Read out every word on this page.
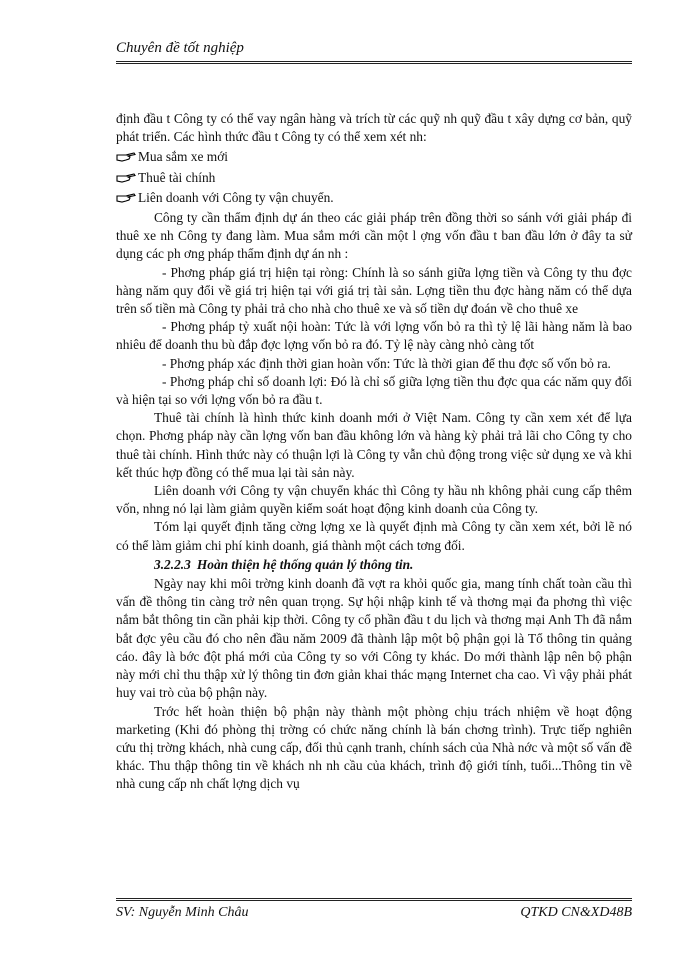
Chuyên đề tốt nghiệp

định đầu t Công ty có thể vay ngân hàng và trích từ các quỹ nh quỹ đầu t xây dựng cơ bản, quỹ phát triển. Các hình thức đầu t Công ty có thể xem xét nh:

Mua sắm xe mới
Thuê tài chính
Liên doanh với Công ty vận chuyển.

Công ty cần thẩm định dự án theo các giải pháp trên đồng thời so sánh với giải pháp đi thuê xe nh Công ty đang làm. Mua sắm mới cần một l ợng vốn đầu t ban đầu lớn ở đây ta sử dụng các ph ơng pháp thẩm định dự án nh :

- Phơng pháp giá trị hiện tại ròng: Chính là so sánh giữa lợng tiền và Công ty thu đợc hàng năm quy đổi về giá trị hiện tại với giá trị tài sản. Lợng tiền thu đợc hàng năm có thể dựa trên số tiền mà Công ty phải trả cho nhà cho thuê xe và số tiền dự đoán về cho thuê xe

- Phơng pháp tỷ xuất nội hoàn: Tức là với lợng vốn bỏ ra thì tỷ lệ lãi hàng năm là bao nhiêu để doanh thu bù đắp đợc lợng vốn bỏ ra đó. Tỷ lệ này càng nhỏ càng tốt

- Phơng pháp xác định thời gian hoàn vốn: Tức là thời gian để thu đợc số vốn bỏ ra.

- Phơng pháp chỉ số doanh lợi: Đó là chỉ số giữa lợng tiền thu đợc qua các năm quy đổi và hiện tại so với lợng vốn bỏ ra đầu t.

Thuê tài chính là hình thức kinh doanh mới ở Việt Nam. Công ty cần xem xét để lựa chọn. Phơng pháp này cần lợng vốn ban đầu không lớn và hàng kỳ phải trả lãi cho Công ty cho thuê tài chính. Hình thức này có thuận lợi là Công ty vẫn chủ động trong việc sử dụng xe và khi kết thúc hợp đồng có thể mua lại tài sản này.

Liên doanh với Công ty vận chuyển khác thì Công ty hầu nh không phải cung cấp thêm vốn, nhng nó lại làm giảm quyền kiểm soát hoạt động kinh doanh của Công ty.

Tóm lại quyết định tăng cờng lợng xe là quyết định mà Công ty cần xem xét, bởi lẽ nó có thể làm giảm chi phí kinh doanh, giá thành một cách tơng đối.

3.2.2.3 Hoàn thiện hệ thống quản lý thông tin.

Ngày nay khi môi trờng kinh doanh đã vợt ra khỏi quốc gia, mang tính chất toàn cầu thì vấn đề thông tin càng trở nên quan trọng. Sự hội nhập kinh tế và thơng mại đa phơng thì việc nắm bắt thông tin cần phải kịp thời. Công ty cổ phần đầu t du lịch và thơng mại Anh Th đã nắm bắt đợc yêu cầu đó cho nên đầu năm 2009 đã thành lập một bộ phận gọi là Tổ thông tin quảng cáo. đây là bớc đột phá mới của Công ty so với Công ty khác. Do mới thành lập nên bộ phận này mới chỉ thu thập xử lý thông tin đơn giản khai thác mạng Internet cha cao. Vì vậy phải phát huy vai trò của bộ phận này.

Trớc hết hoàn thiện bộ phận này thành một phòng chịu trách nhiệm về hoạt động marketing (Khi đó phòng thị trờng có chức năng chính là bán chơng trình). Trực tiếp nghiên cứu thị trờng khách, nhà cung cấp, đối thủ cạnh tranh, chính sách của Nhà nớc và một số vấn đề khác. Thu thập thông tin về khách nh nh cầu của khách, trình độ giới tính, tuổi...Thông tin về nhà cung cấp nh chất lợng dịch vụ

SV: Nguyễn Minh Châu	QTKD CN&XD48B
